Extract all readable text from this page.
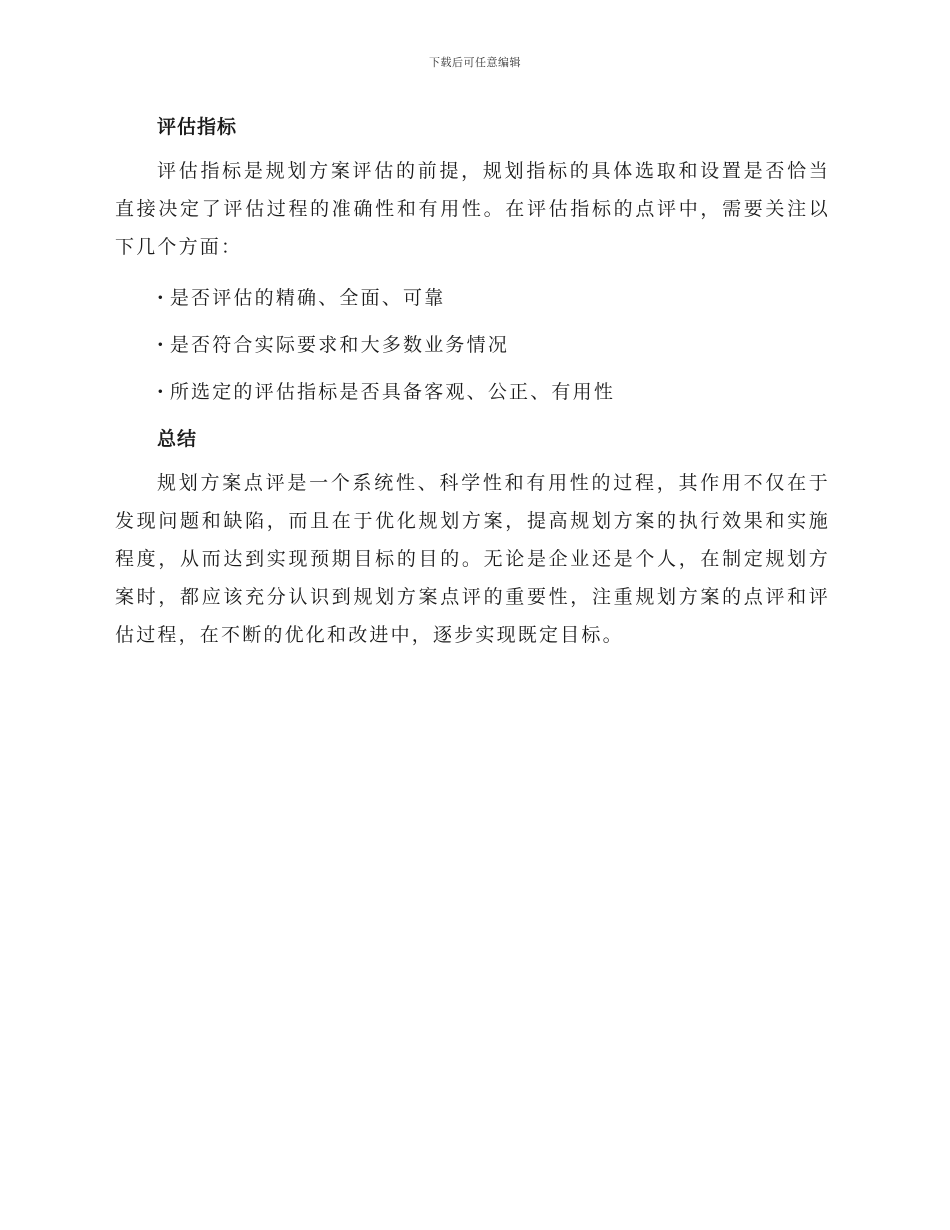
下载后可任意编辑
评估指标

评估指标是规划方案评估的前提，规划指标的具体选取和设置是否恰当直接决定了评估过程的准确性和有用性。在评估指标的点评中，需要关注以下几个方面：

· 是否评估的精确、全面、可靠
· 是否符合实际要求和大多数业务情况
· 所选定的评估指标是否具备客观、公正、有用性
总结

规划方案点评是一个系统性、科学性和有用性的过程，其作用不仅在于发现问题和缺陷，而且在于优化规划方案，提高规划方案的执行效果和实施程度，从而达到实现预期目标的目的。无论是企业还是个人，在制定规划方案时，都应该充分认识到规划方案点评的重要性，注重规划方案的点评和评估过程，在不断的优化和改进中，逐步实现既定目标。
